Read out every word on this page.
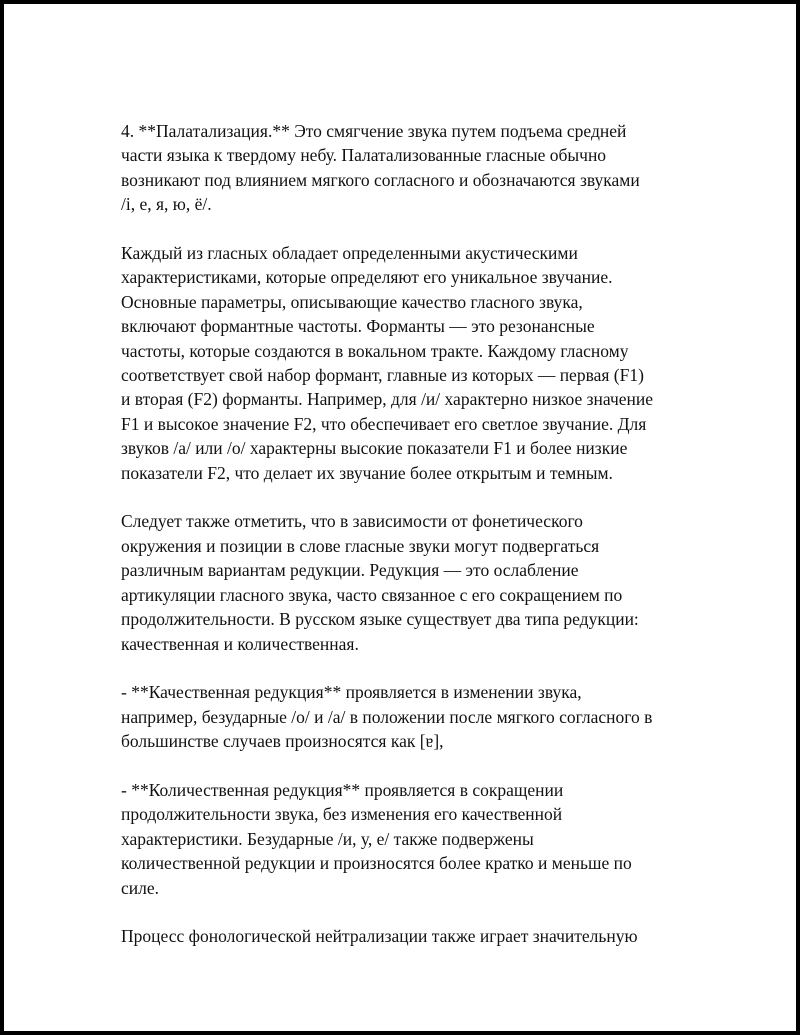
4. **Палатализация.** Это смягчение звука путем подъема средней
части языка к твердому небу. Палатализованные гласные обычно
возникают под влиянием мягкого согласного и обозначаются звуками
/і, е, я, ю, ё/.

Каждый из гласных обладает определенными акустическими
характеристиками, которые определяют его уникальное звучание.
Основные параметры, описывающие качество гласного звука,
включают формантные частоты. Форманты — это резонансные
частоты, которые создаются в вокальном тракте. Каждому гласному
соответствует свой набор формант, главные из которых — первая (F1)
и вторая (F2) форманты. Например, для /и/ характерно низкое значение
F1 и высокое значение F2, что обеспечивает его светлое звучание. Для
звуков /а/ или /о/ характерны высокие показатели F1 и более низкие
показатели F2, что делает их звучание более открытым и темным.

Следует также отметить, что в зависимости от фонетического
окружения и позиции в слове гласные звуки могут подвергаться
различным вариантам редукции. Редукция — это ослабление
артикуляции гласного звука, часто связанное с его сокращением по
продолжительности. В русском языке существует два типа редукции:
качественная и количественная.

- **Качественная редукция** проявляется в изменении звука,
например, безударные /о/ и /а/ в положении после мягкого согласного в
большинстве случаев произносятся как [ɐ],

- **Количественная редукция** проявляется в сокращении
продолжительности звука, без изменения его качественной
характеристики. Безударные /и, у, е/ также подвержены
количественной редукции и произносятся более кратко и меньше по
силе.

Процесс фонологической нейтрализации также играет значительную
